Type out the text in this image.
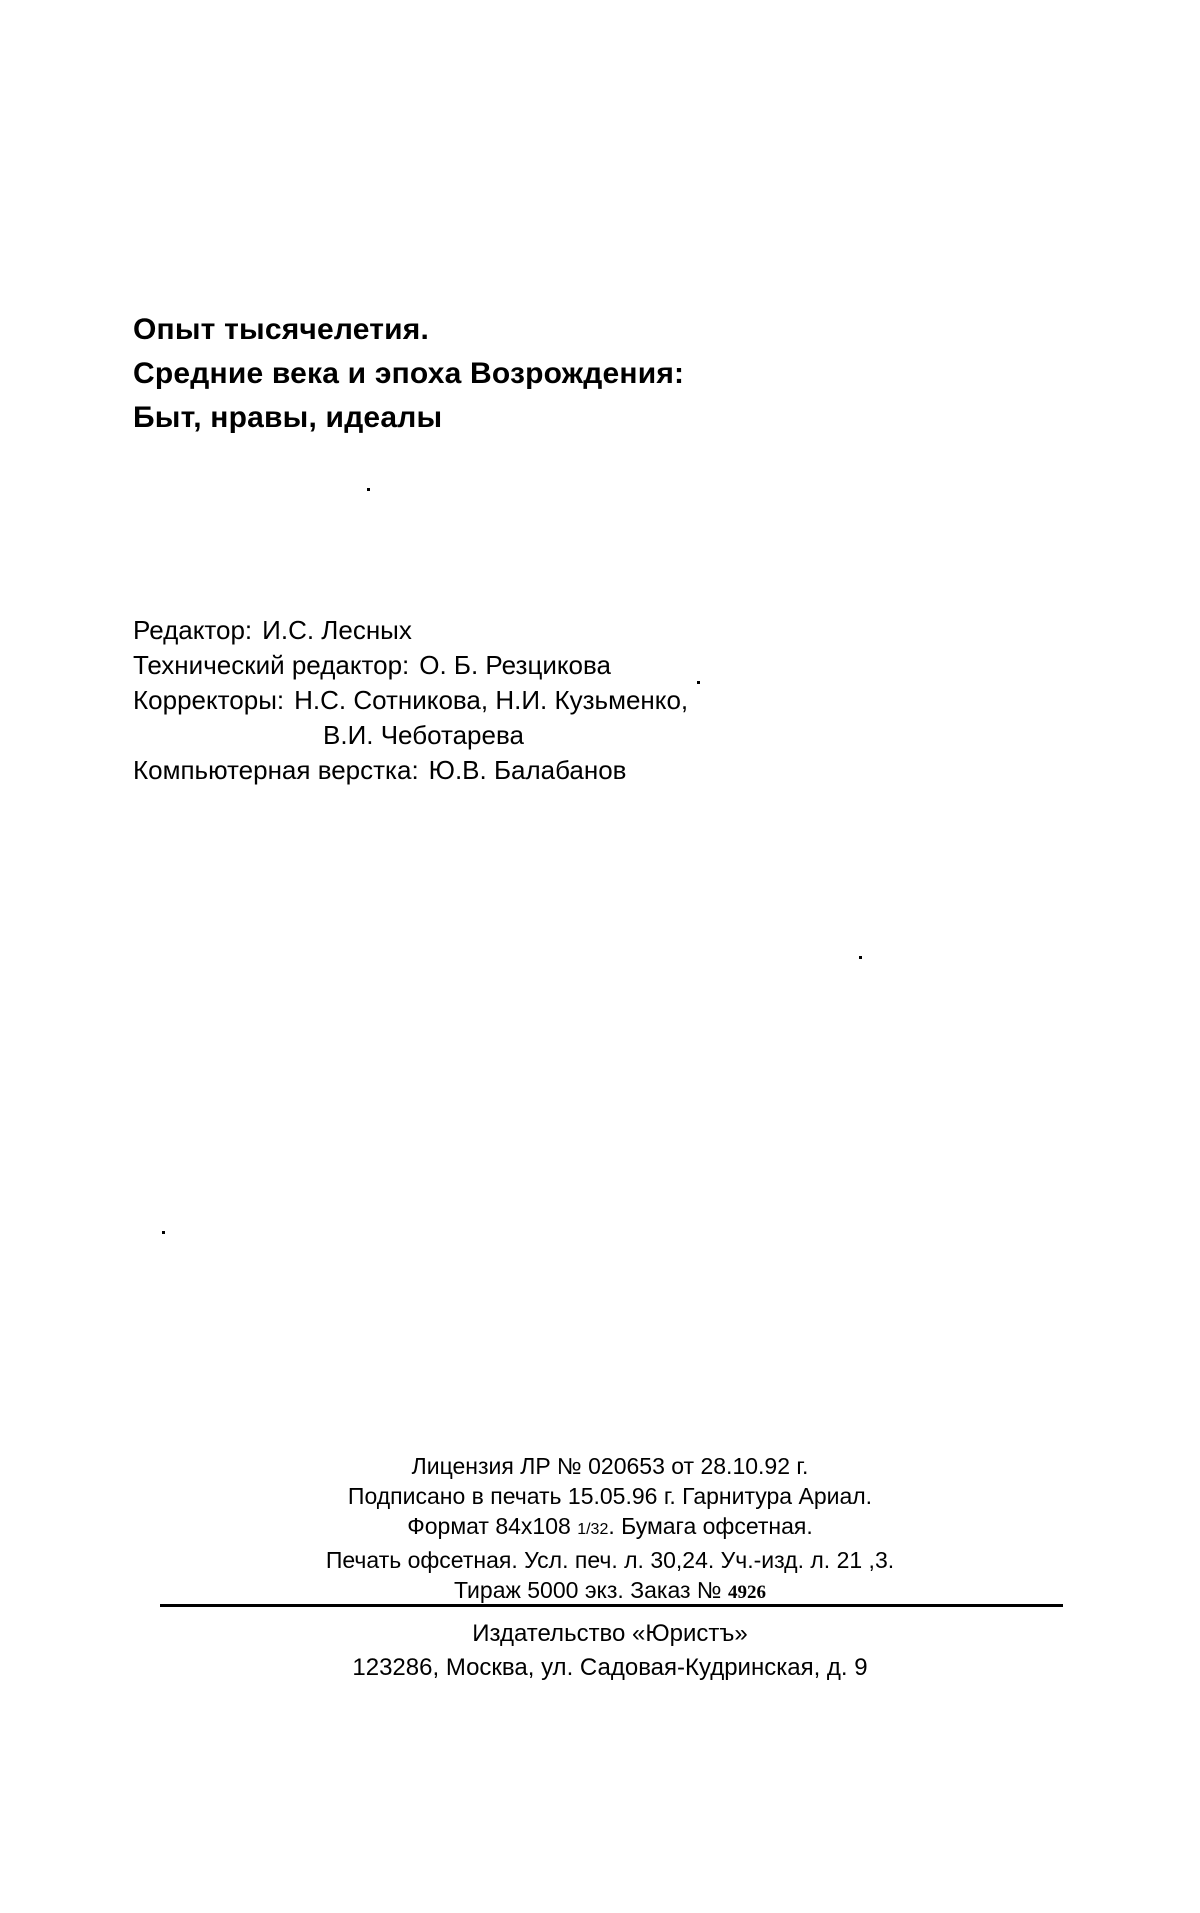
Опыт тысячелетия.
Средние века и эпоха Возрождения:
Быт, нравы, идеалы
Редактор: И.С. Лесных
Технический редактор: О. Б. Резцикова
Корректоры: Н.С. Сотникова, Н.И. Кузьменко,
В.И. Чеботарева
Компьютерная верстка: Ю.В. Балабанов
Лицензия ЛР № 020653 от 28.10.92 г.
Подписано в печать 15.05.96 г. Гарнитура Ариал.
Формат 84х108 1/32. Бумага офсетная.
Печать офсетная. Усл. печ. л. 30,24. Уч.-изд. л. 21 ,3.
Тираж 5000 экз. Заказ № 4926
Издательство «Юристъ»
123286, Москва, ул. Садовая-Кудринская, д. 9
